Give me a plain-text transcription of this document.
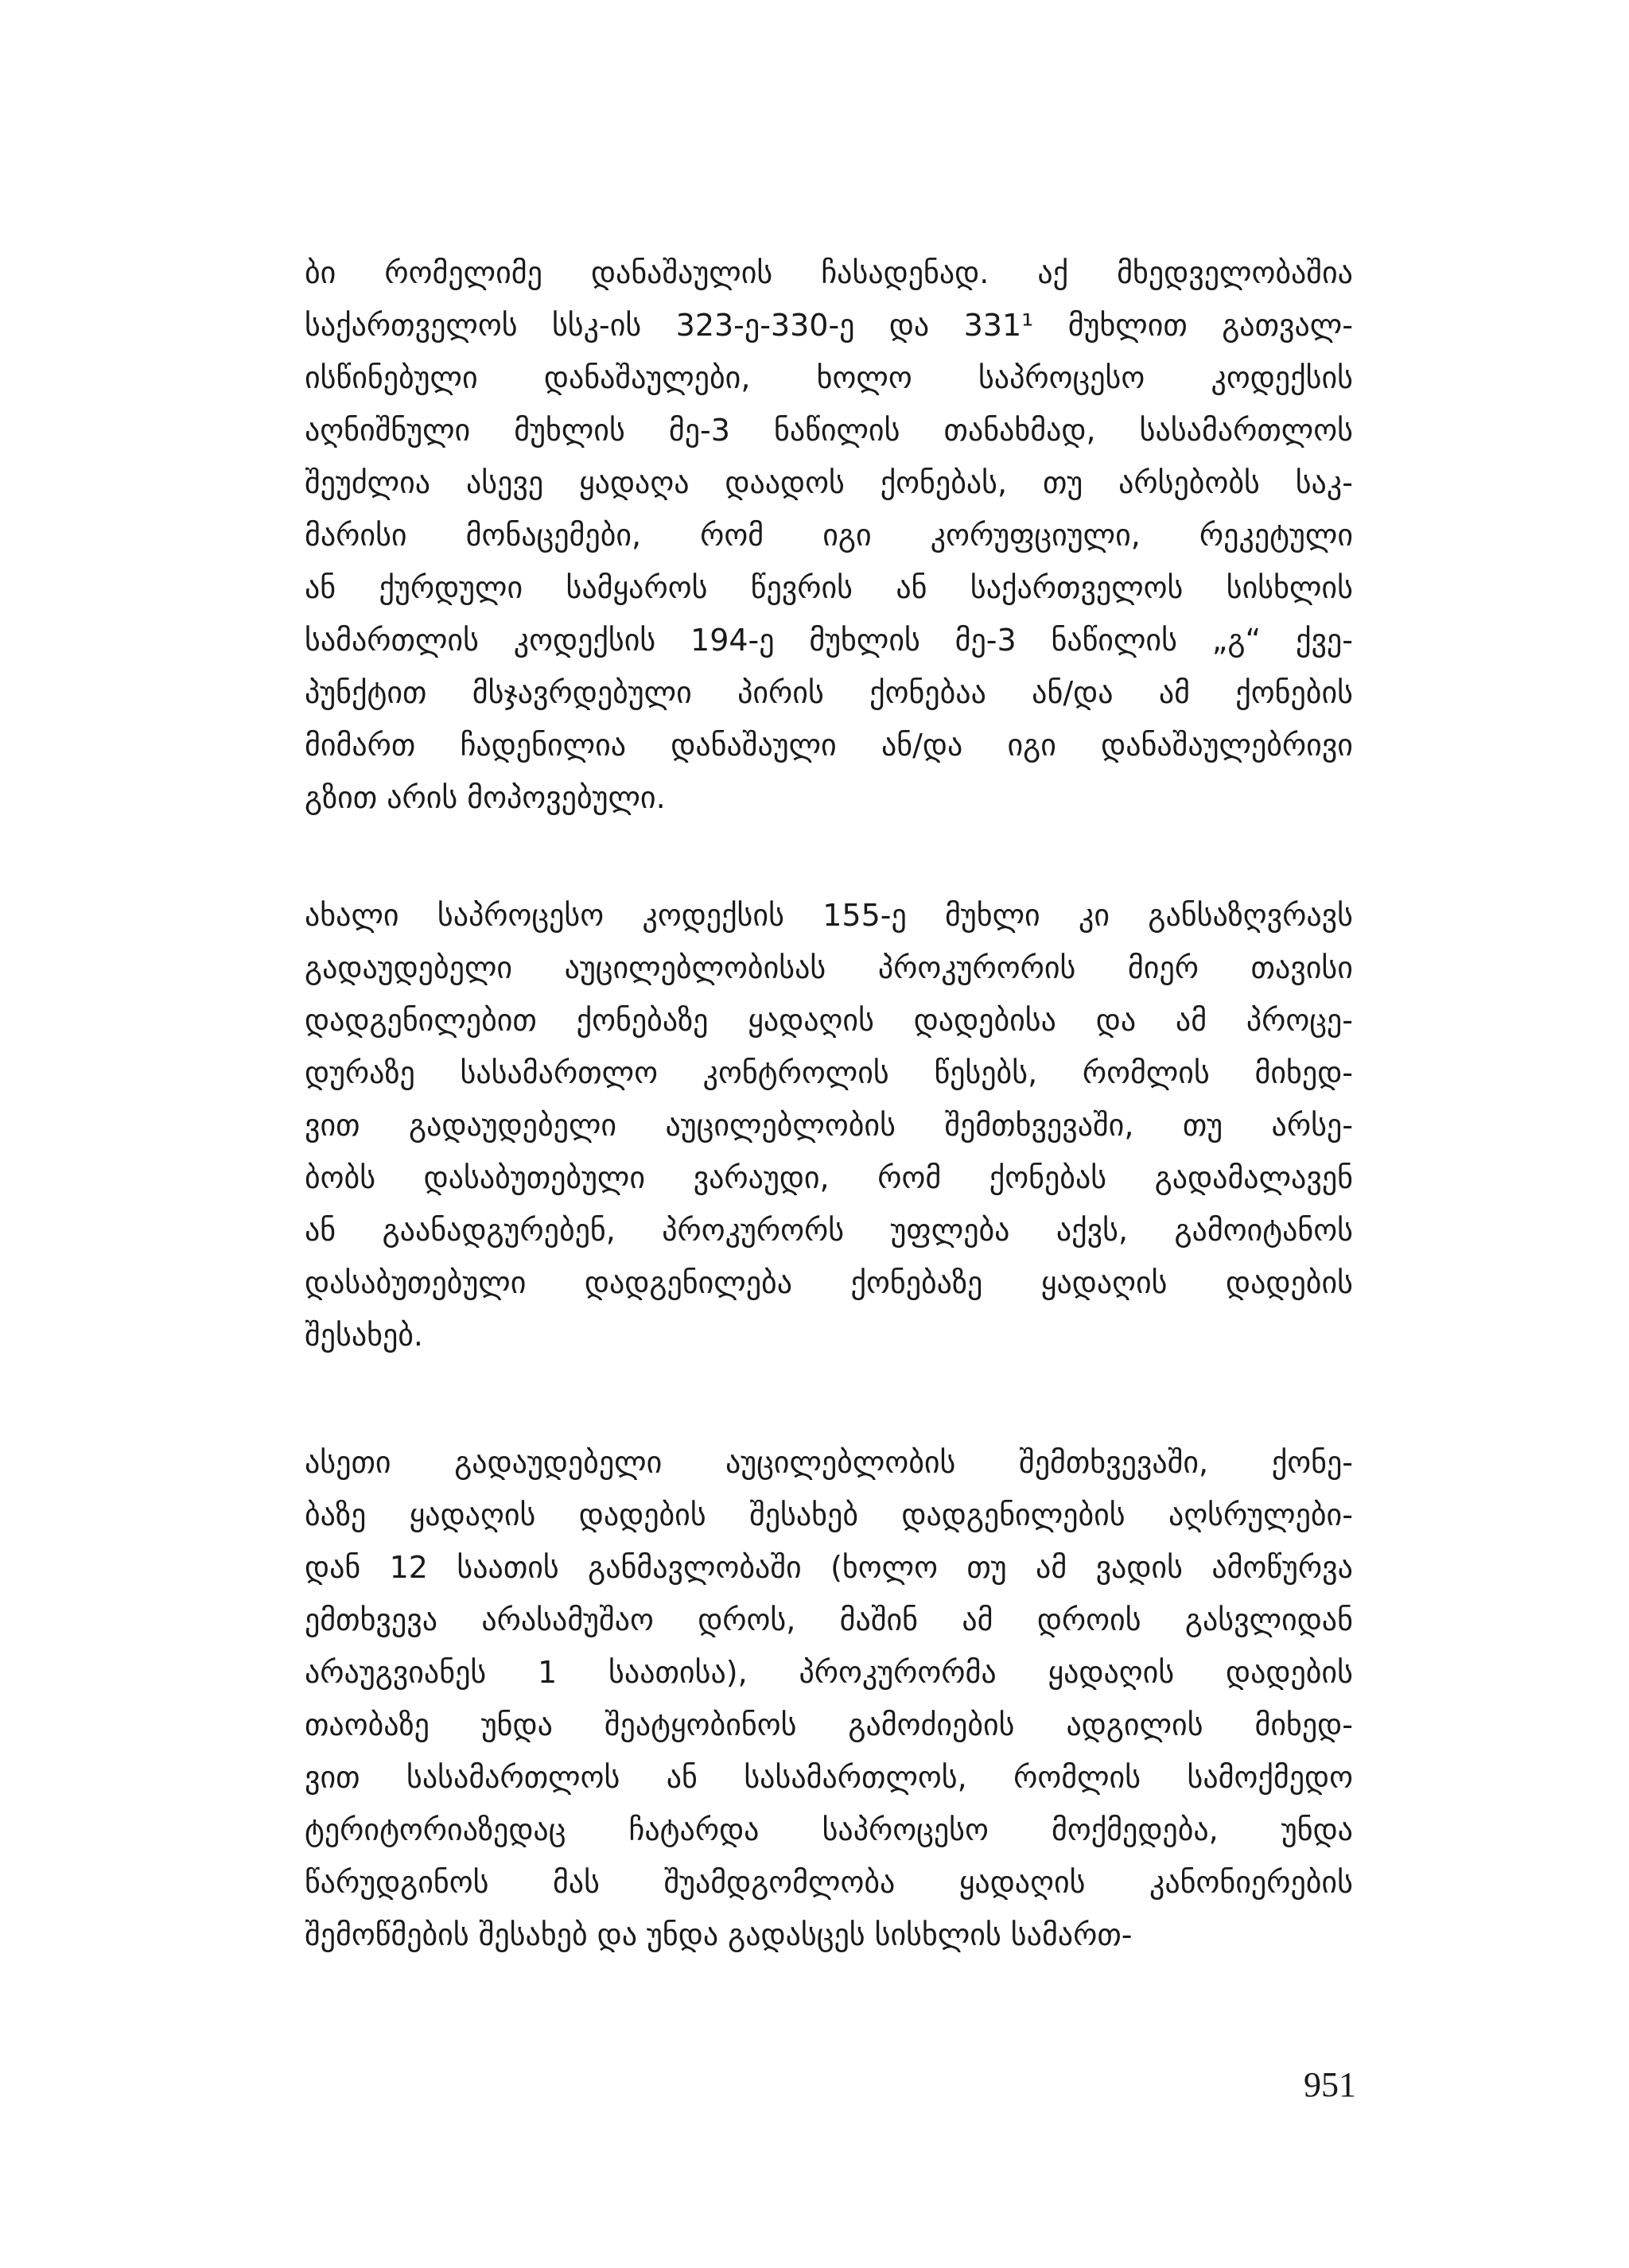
ბი რომელიმე დანაშაულის ჩასადენად. აქ მხედველობაშია
საქართველოს სსკ-ის 323-ე-330-ე და 331¹ მუხლით გათვალ-
ისწინებული დანაშაულები, ხოლო საპროცესო კოდექსის
აღნიშნული მუხლის მე-3 ნაწილის თანახმად, სასამართლოს
შეუძლია ასევე ყადაღა დაადოს ქონებას, თუ არსებობს საკ-
მარისი მონაცემები, რომ იგი კორუფციული, რეკეტული
ან ქურდული სამყაროს წევრის ან საქართველოს სისხლის
სამართლის კოდექსის 194-ე მუხლის მე-3 ნაწილის „გ“ ქვე-
პუნქტით მსჯავრდებული პირის ქონებაა ან/და ამ ქონების
მიმართ ჩადენილია დანაშაული ან/და იგი დანაშაულებრივი
გზით არის მოპოვებული.
ახალი საპროცესო კოდექსის 155-ე მუხლი კი განსაზღვრავს
გადაუდებელი აუცილებლობისას პროკურორის მიერ თავისი
დადგენილებით ქონებაზე ყადაღის დადებისა და ამ პროცე-
დურაზე სასამართლო კონტროლის წესებს, რომლის მიხედ-
ვით გადაუდებელი აუცილებლობის შემთხვევაში, თუ არსე-
ბობს დასაბუთებული ვარაუდი, რომ ქონებას გადამალავენ
ან გაანადგურებენ, პროკურორს უფლება აქვს, გამოიტანოს
დასაბუთებული დადგენილება ქონებაზე ყადაღის დადების
შესახებ.
ასეთი გადაუდებელი აუცილებლობის შემთხვევაში, ქონე-
ბაზე ყადაღის დადების შესახებ დადგენილების აღსრულები-
დან 12 საათის განმავლობაში (ხოლო თუ ამ ვადის ამოწურვა
ემთხვევა არასამუშაო დროს, მაშინ ამ დროის გასვლიდან
არაუგვიანეს 1 საათისა), პროკურორმა ყადაღის დადების
თაობაზე უნდა შეატყობინოს გამოძიების ადგილის მიხედ-
ვით სასამართლოს ან სასამართლოს, რომლის სამოქმედო
ტერიტორიაზედაც ჩატარდა საპროცესო მოქმედება, უნდა
წარუდგინოს მას შუამდგომლობა ყადაღის კანონიერების
შემოწმების შესახებ და უნდა გადასცეს სისხლის სამართ-
951
